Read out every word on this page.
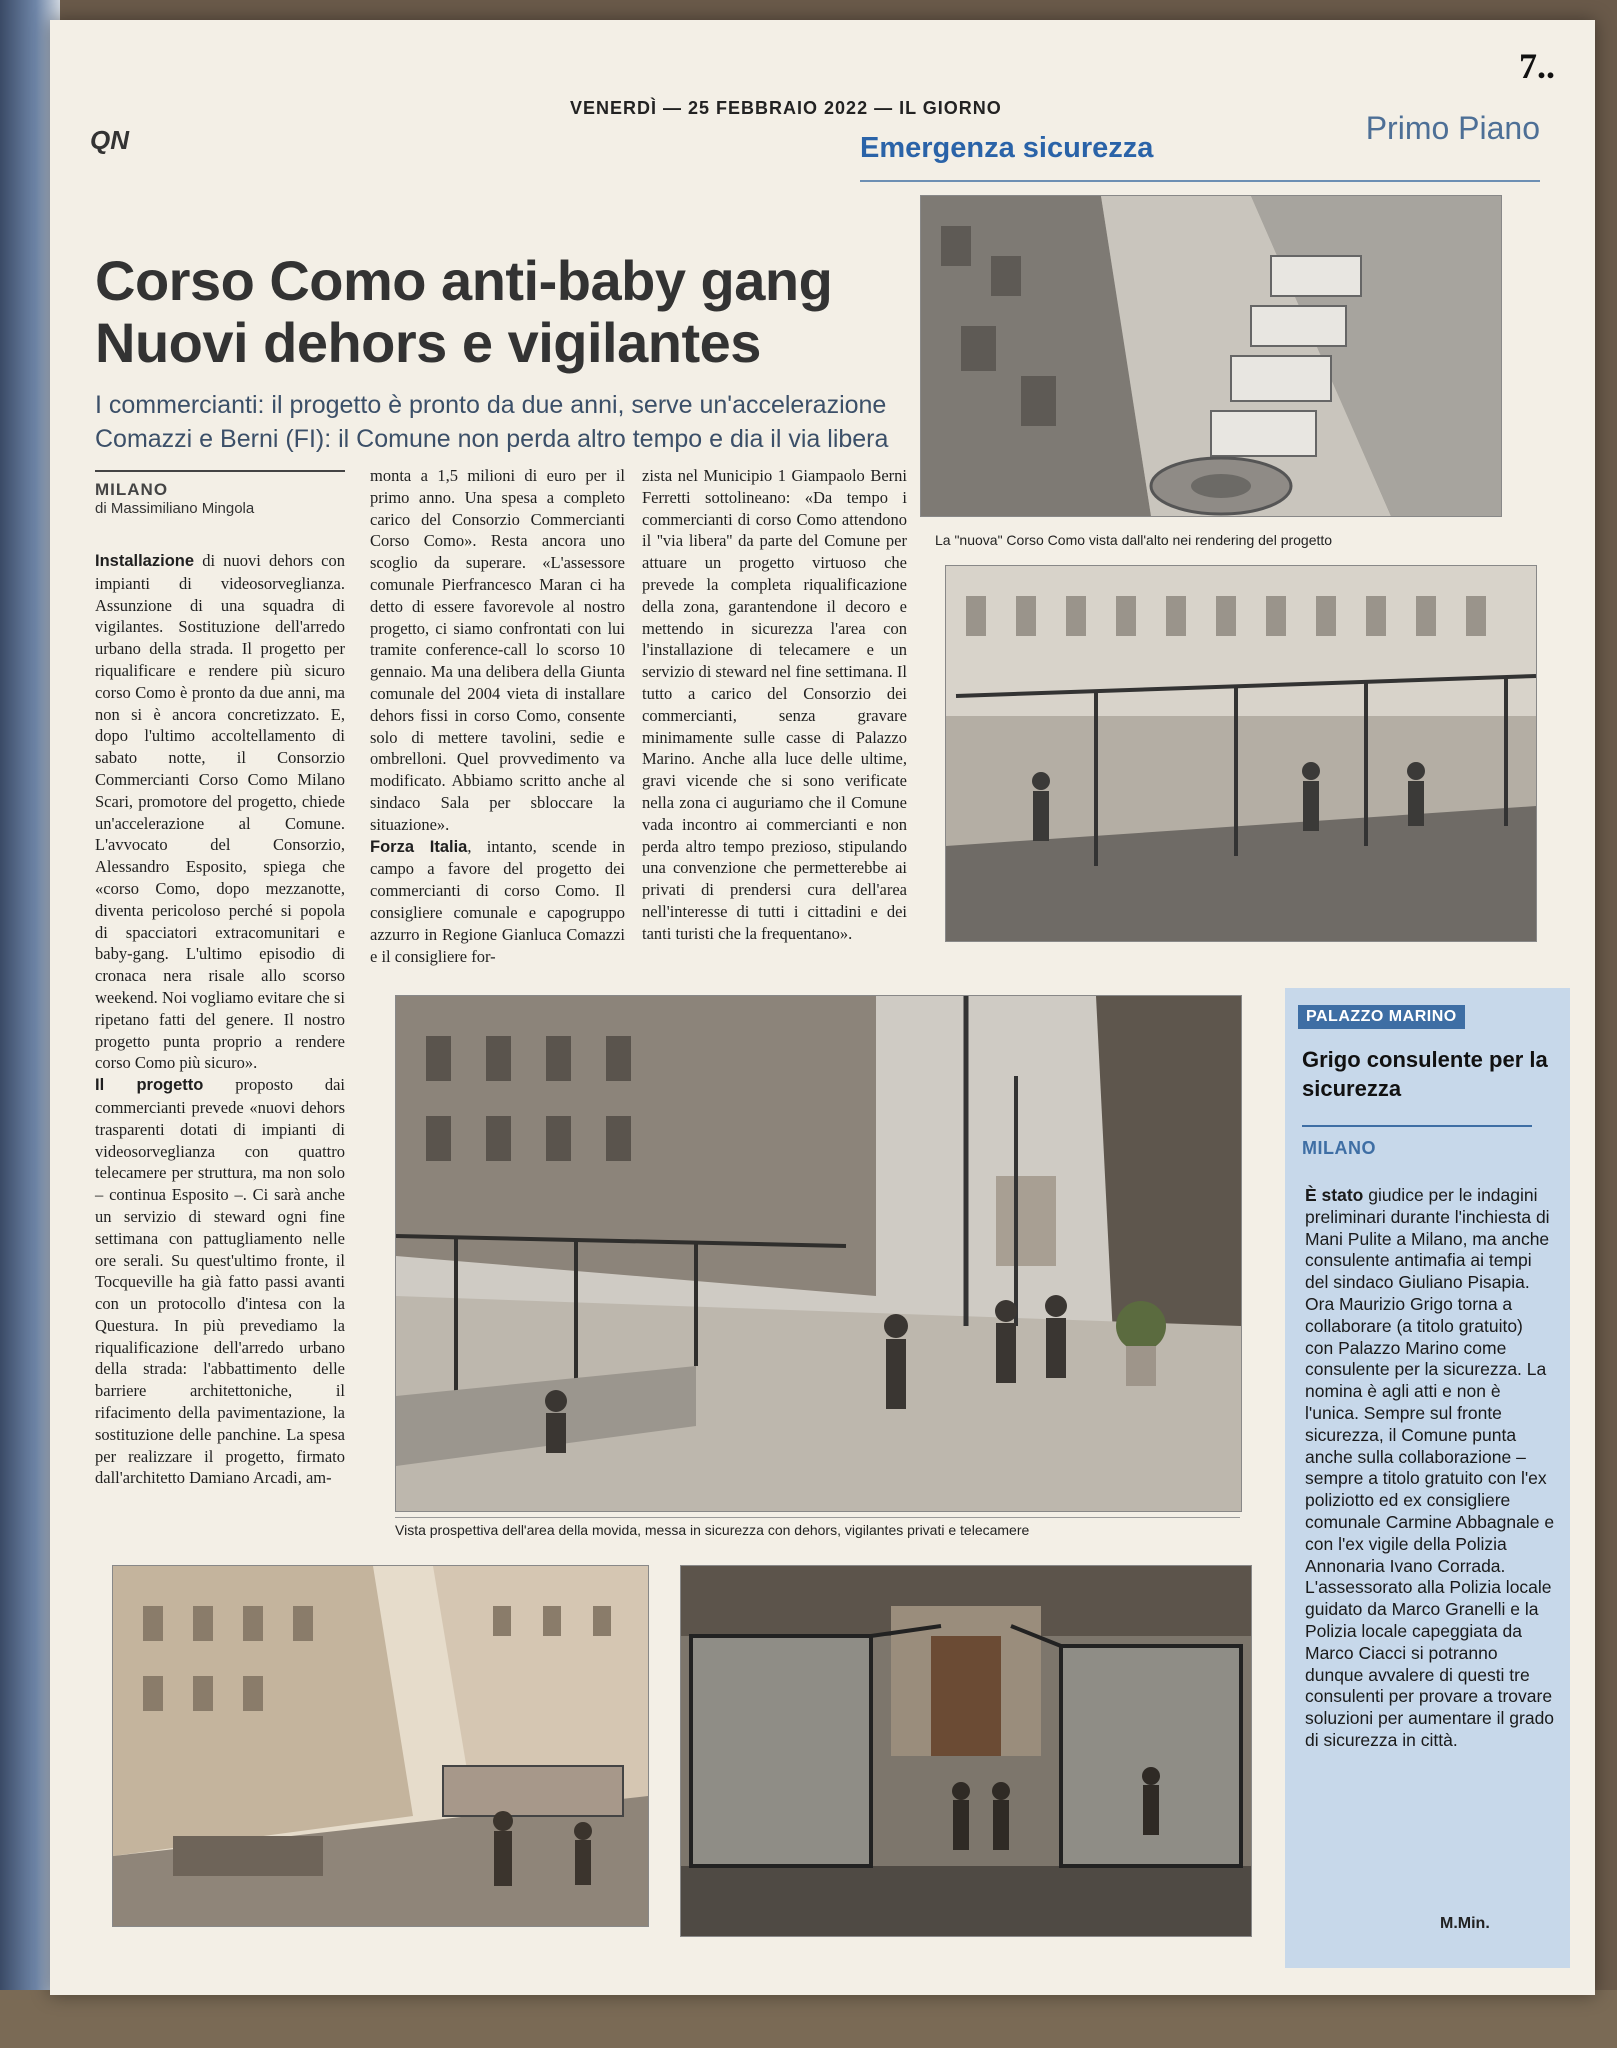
VENERDÌ — 25 FEBBRAIO 2022 — IL GIORNO
7..
QN	Emergenza sicurezza
Primo Piano
Corso Como anti-baby gang Nuovi dehors e vigilantes
I commercianti: il progetto è pronto da due anni, serve un'accelerazione Comazzi e Berni (FI): il Comune non perda altro tempo e dia il via libera
MILANO
di Massimiliano Mingola
Installazione di nuovi dehors con impianti di videosorveglianza. Assunzione di una squadra di vigilantes. Sostituzione dell'arredo urbano della strada. Il progetto per riqualificare e rendere più sicuro corso Como è pronto da due anni, ma non si è ancora concretizzato. E, dopo l'ultimo accoltellamento di sabato notte, il Consorzio Commercianti Corso Como Milano Scari, promotore del progetto, chiede un'accelerazione al Comune. L'avvocato del Consorzio, Alessandro Esposito, spiega che «corso Como, dopo mezzanotte, diventa pericoloso perché si popola di spacciatori extracomunitari e baby-gang. L'ultimo episodio di cronaca nera risale allo scorso weekend. Noi vogliamo evitare che si ripetano fatti del genere. Il nostro progetto punta proprio a rendere corso Como più sicuro».
Il progetto proposto dai commercianti prevede «nuovi dehors trasparenti dotati di impianti di videosorveglianza con quattro telecamere per struttura, ma non solo – continua Esposito –. Ci sarà anche un servizio di steward ogni fine settimana con pattugliamento nelle ore serali. Su quest'ultimo fronte, il Tocqueville ha già fatto passi avanti con un protocollo d'intesa con la Questura. In più prevediamo la riqualificazione dell'arredo urbano della strada: l'abbattimento delle barriere architettoniche, il rifacimento della pavimentazione, la sostituzione delle panchine. La spesa per realizzare il progetto, firmato dall'architetto Damiano Arcadi, am-
monta a 1,5 milioni di euro per il primo anno. Una spesa a completo carico del Consorzio Commercianti Corso Como». Resta ancora uno scoglio da superare. «L'assessore comunale Pierfrancesco Maran ci ha detto di essere favorevole al nostro progetto, ci siamo confrontati con lui tramite conference-call lo scorso 10 gennaio. Ma una delibera della Giunta comunale del 2004 vieta di installare dehors fissi in corso Como, consente solo di mettere tavolini, sedie e ombrelloni. Quel provvedimento va modificato. Abbiamo scritto anche al sindaco Sala per sbloccare la situazione».
Forza Italia, intanto, scende in campo a favore del progetto dei commercianti di corso Como. Il consigliere comunale e capogruppo azzurro in Regione Gianluca Comazzi e il consigliere for-
zista nel Municipio 1 Giampaolo Berni Ferretti sottolineano: «Da tempo i commercianti di corso Como attendono il ''via libera'' da parte del Comune per attuare un progetto virtuoso che prevede la completa riqualificazione della zona, garantendone il decoro e mettendo in sicurezza l'area con l'installazione di telecamere e un servizio di steward nel fine settimana. Il tutto a carico del Consorzio dei commercianti, senza gravare minimamente sulle casse di Palazzo Marino. Anche alla luce delle ultime, gravi vicende che si sono verificate nella zona ci auguriamo che il Comune vada incontro ai commercianti e non perda altro tempo prezioso, stipulando una convenzione che permetterebbe ai privati di prendersi cura dell'area nell'interesse di tutti i cittadini e dei tanti turisti che la frequentano».
La "nuova" Corso Como vista dall'alto nei rendering del progetto
Vista prospettiva dell'area della movida, messa in sicurezza con dehors, vigilantes privati e telecamere
PALAZZO MARINO
Grigo consulente per la sicurezza
MILANO
È stato giudice per le indagini preliminari durante l'inchiesta di Mani Pulite a Milano, ma anche consulente antimafia ai tempi del sindaco Giuliano Pisapia. Ora Maurizio Grigo torna a collaborare (a titolo gratuito) con Palazzo Marino come consulente per la sicurezza. La nomina è agli atti e non è l'unica. Sempre sul fronte sicurezza, il Comune punta anche sulla collaborazione – sempre a titolo gratuito con l'ex poliziotto ed ex consigliere comunale Carmine Abbagnale e con l'ex vigile della Polizia Annonaria Ivano Corrada. L'assessorato alla Polizia locale guidato da Marco Granelli e la Polizia locale capeggiata da Marco Ciacci si potranno dunque avvalere di questi tre consulenti per provare a trovare soluzioni per aumentare il grado di sicurezza in città.
M.Min.
